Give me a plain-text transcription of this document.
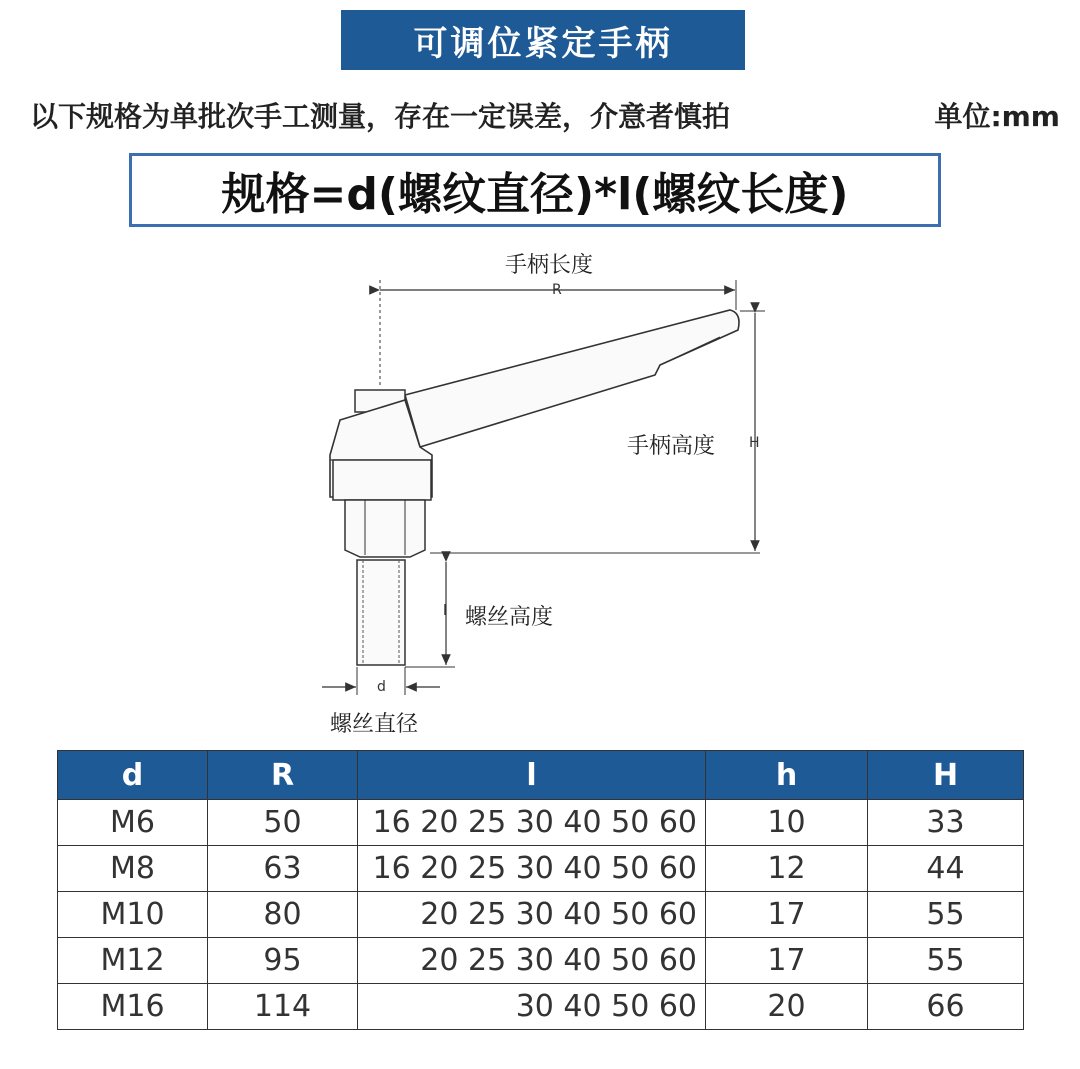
可调位紧定手柄
以下规格为单批次手工测量，存在一定误差，介意者慎拍	单位:mm
规格=d(螺纹直径)*l(螺纹长度)
手柄长度
R
手柄高度 H
螺丝高度
l
d
螺丝直径
d	R	l	h	H
M6	50	16 20 25 30 40 50 60	10	33
M8	63	16 20 25 30 40 50 60	12	44
M10	80	20 25 30 40 50 60	17	55
M12	95	20 25 30 40 50 60	17	55
M16	114	30 40 50 60	20	66
